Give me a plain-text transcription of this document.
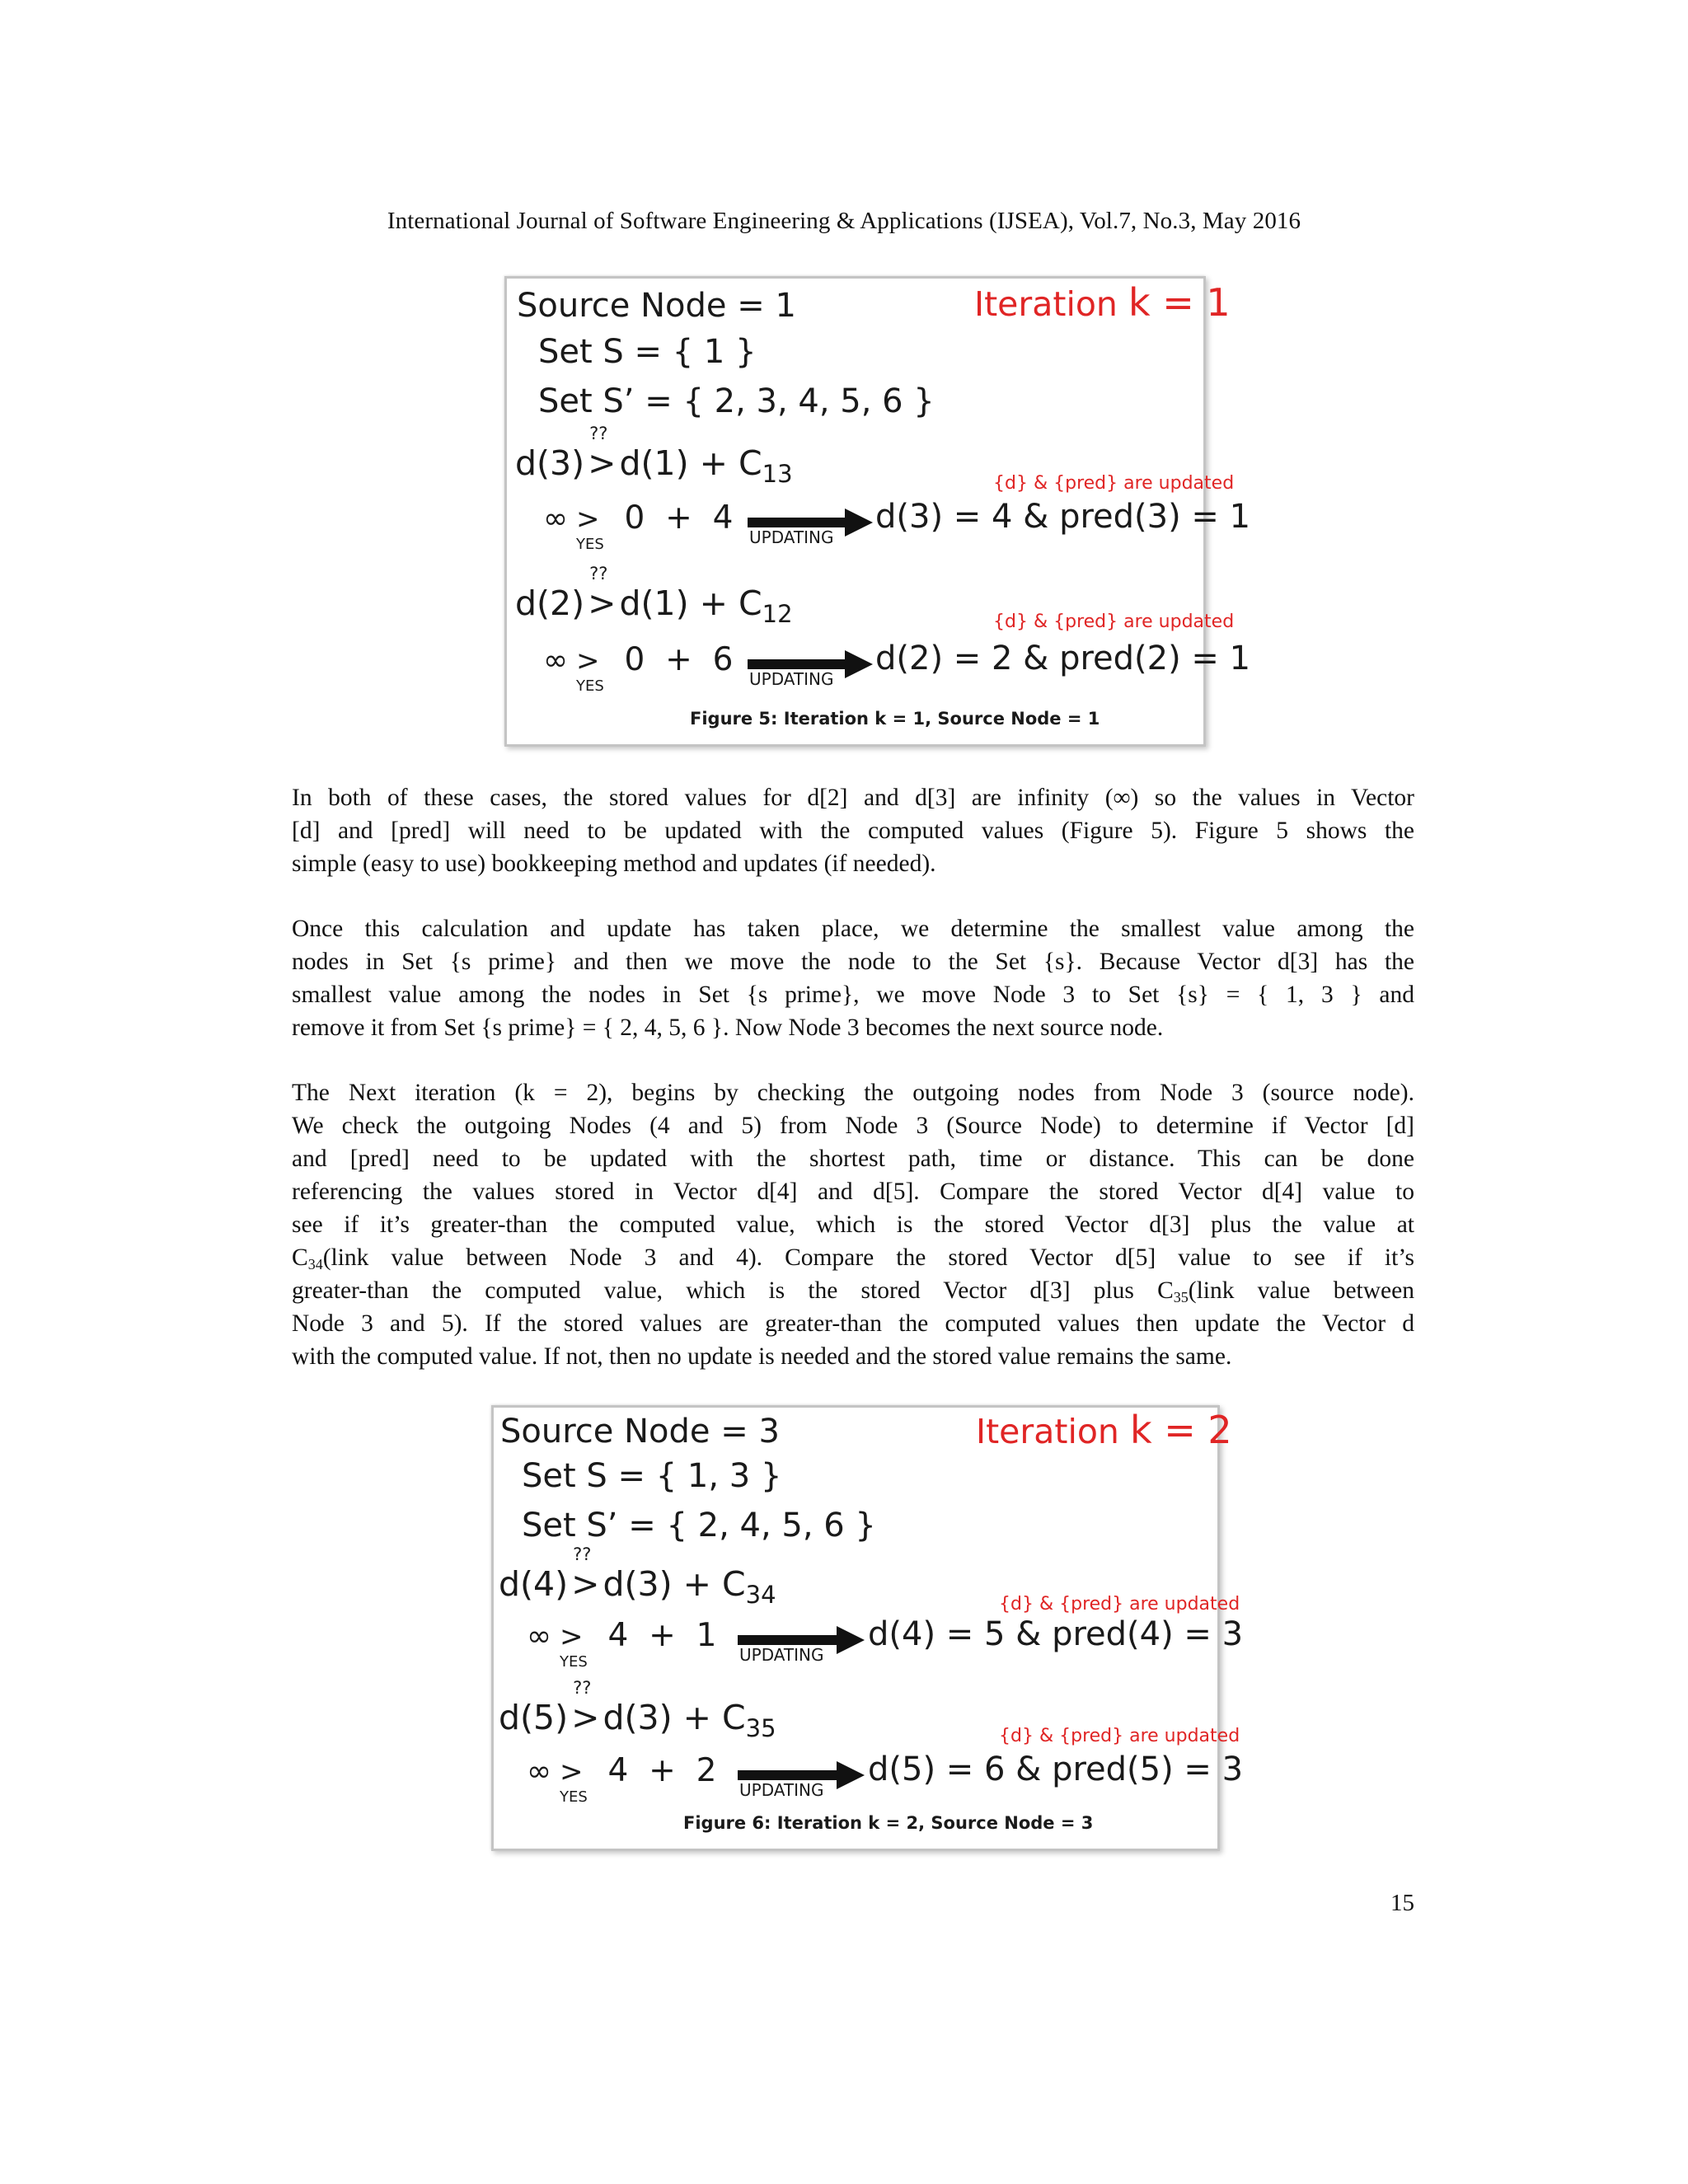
International Journal of Software Engineering & Applications (IJSEA), Vol.7, No.3, May 2016
Source Node = 1	Iteration k = 1
Set S = { 1 }
Set S’ = { 2, 3, 4, 5, 6 }
d(3)
??
$>d(1) + C_{13}$	{d} & {pred} are updated
∞ > 0  +  4
YES	UPDATING
d(3) = 4 & pred(3) = 1
d(2)
??
$>d(1) + C_{12}$	{d} & {pred} are updated
∞ > 0  +  6
YES	UPDATING
d(2) = 2 & pred(2) = 1
Figure 5: Iteration k = 1, Source Node = 1
In both of these cases, the stored values for d[2] and d[3] are infinity (∞) so the values in Vector
[d] and [pred] will need to be updated with the computed values (Figure 5). Figure 5 shows the
simple (easy to use) bookkeeping method and updates (if needed).
Once this calculation and update has taken place, we determine the smallest value among the
nodes in Set {s prime} and then we move the node to the Set {s}. Because Vector d[3] has the
smallest value among the nodes in Set {s prime}, we move Node 3 to Set {s} = { 1, 3 } and
remove it from Set {s prime} = { 2, 4, 5, 6 }. Now Node 3 becomes the next source node.
The Next iteration (k = 2), begins by checking the outgoing nodes from Node 3 (source node).
We check the outgoing Nodes (4 and 5) from Node 3 (Source Node) to determine if Vector [d]
and [pred] need to be updated with the shortest path, time or distance. This can be done
referencing the values stored in Vector d[4] and d[5]. Compare the stored Vector d[4] value to
see if it’s greater-than the computed value, which is the stored Vector d[3] plus the value at
$C_{34}(link$ value between Node 3 and 4). Compare the stored Vector d[5] value to see if it’s
greater-than the computed value, which is the stored Vector d[3] plus $C_{35}(link$ value between
Node 3 and 5). If the stored values are greater-than the computed values then update the Vector d
with the computed value. If not, then no update is needed and the stored value remains the same.
Source Node = 3	Iteration k = 2
Set S = { 1, 3 }
Set S’ = { 2, 4, 5, 6 }
d(4)
??
$>d(3) + C_{34}$	{d} & {pred} are updated
∞ > 4  +  1
YES	UPDATING
d(4) = 5 & pred(4) = 3
d(5)
??
$>d(3) + C_{35}$	{d} & {pred} are updated
∞ > 4  +  2
YES	UPDATING
d(5) = 6 & pred(5) = 3
Figure 6: Iteration k = 2, Source Node = 3
15
